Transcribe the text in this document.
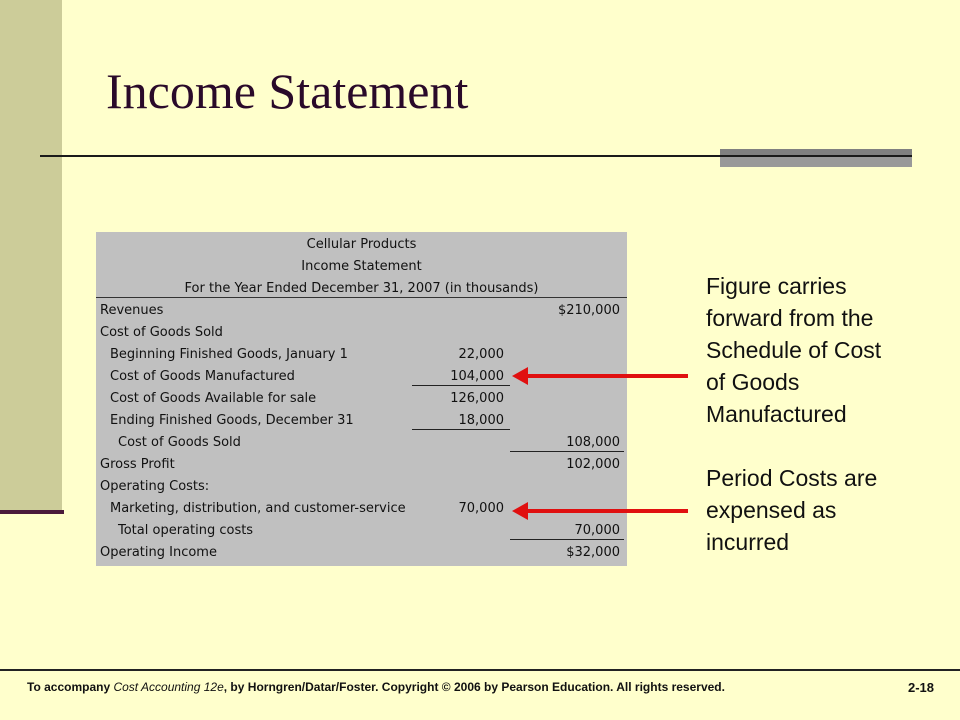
Income Statement
Cellular Products
Income Statement
For the Year Ended December 31, 2007 (in thousands)
Revenues	$210,000
Cost of Goods Sold
Beginning Finished Goods, January 1	22,000
Cost of Goods Manufactured	104,000
Cost of Goods Available for sale	126,000
Ending Finished Goods, December 31	18,000
Cost of Goods Sold	108,000
Gross Profit	102,000
Operating Costs:
Marketing, distribution, and customer-service	70,000
Total operating costs	70,000
Operating Income	$32,000
Figure carries
forward from the
Schedule of Cost
of Goods
Manufactured
Period Costs are
expensed as
incurred
To accompany Cost Accounting 12e, by Horngren/Datar/Foster. Copyright © 2006 by Pearson Education. All rights reserved.	2-18
